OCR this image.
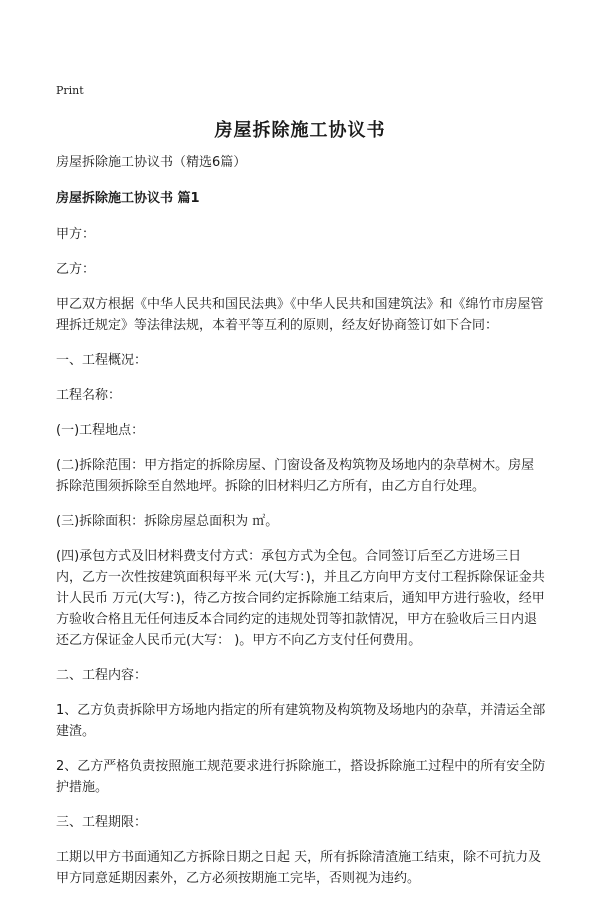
Print
房屋拆除施工协议书

房屋拆除施工协议书（精选6篇）

房屋拆除施工协议书 篇1

甲方：

乙方：

甲乙双方根据《中华人民共和国民法典》《中华人民共和国建筑法》和《绵竹市房屋管理拆迁规定》等法律法规，本着平等互利的原则，经友好协商签订如下合同：

一、工程概况：

工程名称：

(一)工程地点：

(二)拆除范围：甲方指定的拆除房屋、门窗设备及构筑物及场地内的杂草树木。房屋拆除范围须拆除至自然地坪。拆除的旧材料归乙方所有，由乙方自行处理。

(三)拆除面积：拆除房屋总面积为 ㎡。

(四)承包方式及旧材料费支付方式：承包方式为全包。合同签订后至乙方进场三日内，乙方一次性按建筑面积每平米 元(大写：)，并且乙方向甲方支付工程拆除保证金共计人民币 万元(大写：)，待乙方按合同约定拆除施工结束后，通知甲方进行验收，经甲方验收合格且无任何违反本合同约定的违规处罚等扣款情况，甲方在验收后三日内退还乙方保证金人民币元(大写： )。甲方不向乙方支付任何费用。

二、工程内容：

1、乙方负责拆除甲方场地内指定的所有建筑物及构筑物及场地内的杂草，并清运全部建渣。

2、乙方严格负责按照施工规范要求进行拆除施工，搭设拆除施工过程中的所有安全防护措施。

三、工程期限：

工期以甲方书面通知乙方拆除日期之日起 天，所有拆除清渣施工结束，除不可抗力及甲方同意延期因素外，乙方必须按期施工完毕，否则视为违约。
